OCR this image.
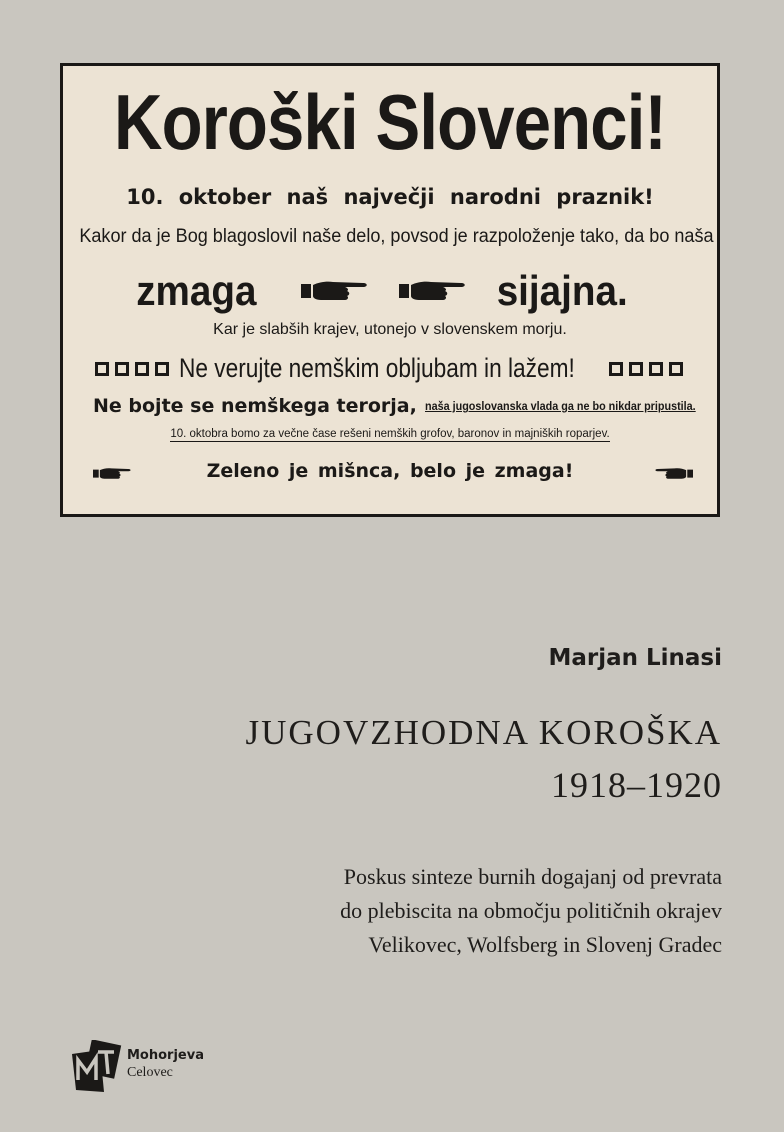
Koroški Slovenci!
10. oktober naš največji narodni praznik!
Kakor da je Bog blagoslovil naše delo, povsod je razpoloženje tako, da bo naša
zmaga	sijajna.
Kar je slabših krajev, utonejo v slovenskem morju.
Ne verujte nemškim obljubam in lažem!
Ne bojte se nemškega terorja, naša jugoslovanska vlada ga ne bo nikdar pripustila.
10. oktobra bomo za večne čase rešeni nemških grofov, baronov in majniških roparjev.
Zeleno je mišnca, belo je zmaga!
Marjan Linasi
JUGOVZHODNA KOROŠKA
1918–1920
Poskus sinteze burnih dogajanj od prevrata
do plebiscita na območju političnih okrajev
Velikovec, Wolfsberg in Slovenj Gradec
Mohorjeva
Celovec
